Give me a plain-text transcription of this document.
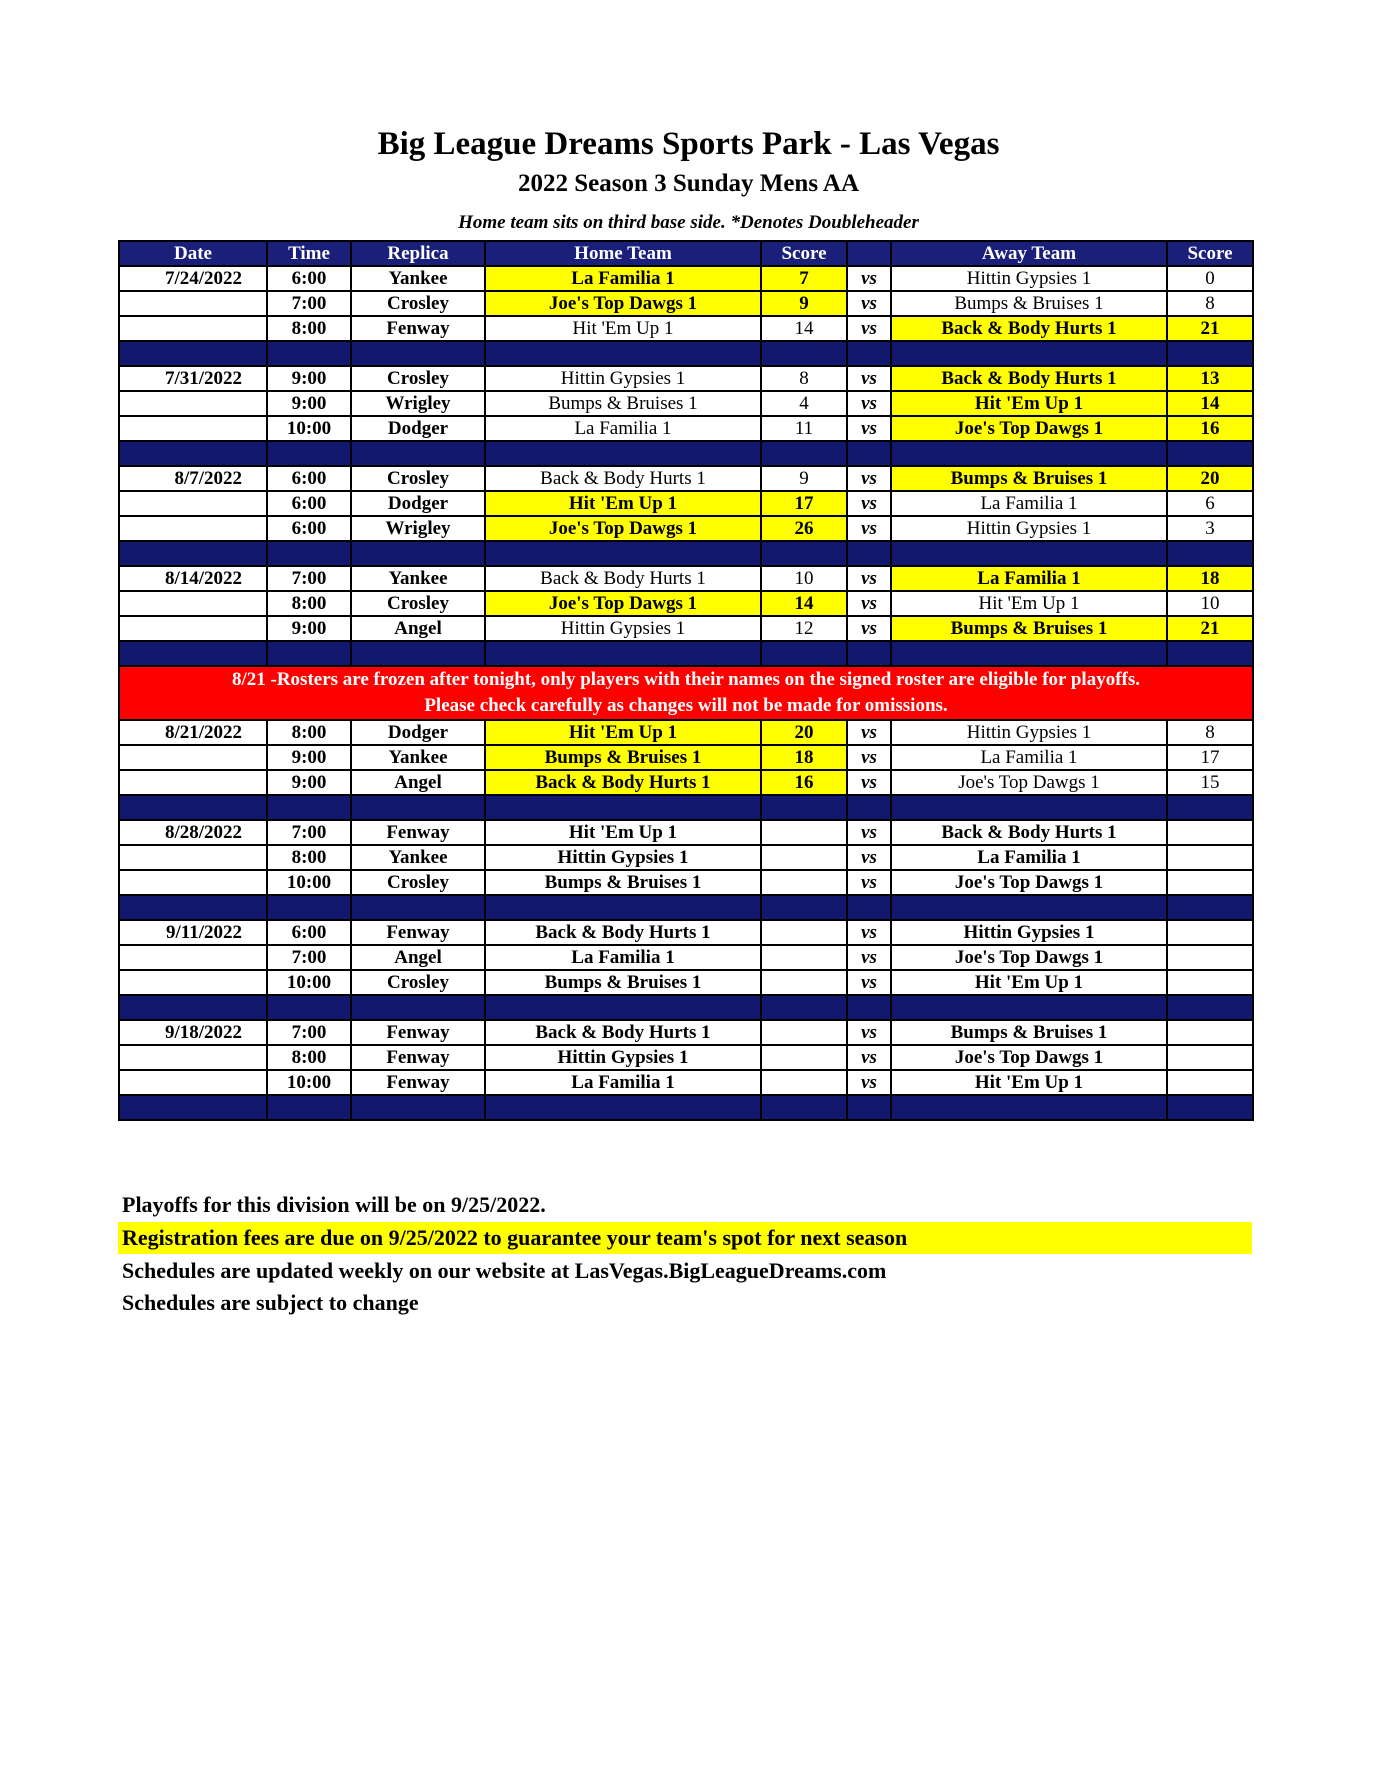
Big League Dreams Sports Park - Las Vegas
2022 Season 3 Sunday Mens AA
Home team sits on third base side. *Denotes Doubleheader
Date	Time	Replica	Home Team	Score		Away Team	Score
7/24/2022	6:00	Yankee	La Familia 1	7	vs	Hittin Gypsies 1	0
	7:00	Crosley	Joe's Top Dawgs 1	9	vs	Bumps & Bruises 1	8
	8:00	Fenway	Hit 'Em Up 1	14	vs	Back & Body Hurts 1	21

7/31/2022	9:00	Crosley	Hittin Gypsies 1	8	vs	Back & Body Hurts 1	13
	9:00	Wrigley	Bumps & Bruises 1	4	vs	Hit 'Em Up 1	14
	10:00	Dodger	La Familia 1	11	vs	Joe's Top Dawgs 1	16

8/7/2022	6:00	Crosley	Back & Body Hurts 1	9	vs	Bumps & Bruises 1	20
	6:00	Dodger	Hit 'Em Up 1	17	vs	La Familia 1	6
	6:00	Wrigley	Joe's Top Dawgs 1	26	vs	Hittin Gypsies 1	3

8/14/2022	7:00	Yankee	Back & Body Hurts 1	10	vs	La Familia 1	18
	8:00	Crosley	Joe's Top Dawgs 1	14	vs	Hit 'Em Up 1	10
	9:00	Angel	Hittin Gypsies 1	12	vs	Bumps & Bruises 1	21

8/21 -Rosters are frozen after tonight, only players with their names on the signed roster are eligible for playoffs.
Please check carefully as changes will not be made for omissions.							

8/21/2022	8:00	Dodger	Hit 'Em Up 1	20	vs	Hittin Gypsies 1	8
	9:00	Yankee	Bumps & Bruises 1	18	vs	La Familia 1	17
	9:00	Angel	Back & Body Hurts 1	16	vs	Joe's Top Dawgs 1	15

8/28/2022	7:00	Fenway	Hit 'Em Up 1		vs	Back & Body Hurts 1	
	8:00	Yankee	Hittin Gypsies 1		vs	La Familia 1	
	10:00	Crosley	Bumps & Bruises 1		vs	Joe's Top Dawgs 1	

9/11/2022	6:00	Fenway	Back & Body Hurts 1		vs	Hittin Gypsies 1	
	7:00	Angel	La Familia 1		vs	Joe's Top Dawgs 1	
	10:00	Crosley	Bumps & Bruises 1		vs	Hit 'Em Up 1	

9/18/2022	7:00	Fenway	Back & Body Hurts 1		vs	Bumps & Bruises 1	
	8:00	Fenway	Hittin Gypsies 1		vs	Joe's Top Dawgs 1	
	10:00	Fenway	La Familia 1		vs	Hit 'Em Up 1	

Playoffs for this division will be on 9/25/2022.
Registration fees are due on 9/25/2022 to guarantee your team's spot for next season
Schedules are updated weekly on our website at LasVegas.BigLeagueDreams.com
Schedules are subject to change
